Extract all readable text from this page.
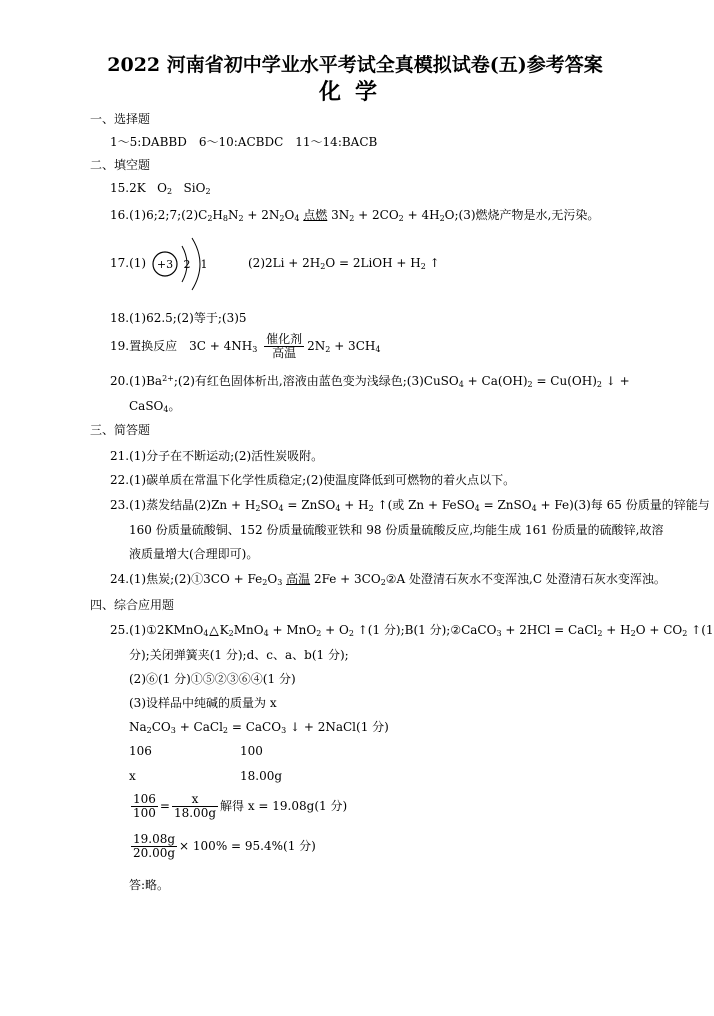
2022 河南省初中学业水平考试全真模拟试卷(五)参考答案
化学
一、选择题
1～5:DABBD　6～10:ACBDC　11～14:BACB
二、填空题
15.2K $O_2$ SiO$_2$
$16.(1)6;2;7;(2)C_2H_8N_2 + 2N_2O_4$ 点燃 $3N_2 + 2CO_2$ + $4H_2O;(3)$燃烧产物是水,无污染。
17.(1) +3 2 1	$(2)2Li + 2H_2O$ = 2LiOH + $H_2$ ↑
18.(1)62.5;(2)等于;(3)5
19.置换反应　$3C + 4NH_3$
催化剂
高温 $2N_2 + 3CH_4$
$20.(1)Ba^{2+};(2)$有红色固体析出,溶液由蓝色变为浅绿色;(3)CuSO$_4$ + $Ca(OH)_2 = Cu(OH)_2$ ↓ +
CaSO$_4$。
三、简答题
21.(1)分子在不断运动;(2)活性炭吸附。
22.(1)碳单质在常温下化学性质稳定;(2)使温度降低到可燃物的着火点以下。
23.(1)蒸发结晶$(2)Zn + H_2SO_4$ = ZnSO$_4$ + $H_2$ ↑(或 Zn + FeSO$_4$ = ZnSO$_4$ + Fe)(3)每 65 份质量的锌能与
160 份质量硫酸铜、152 份质量硫酸亚铁和 98 份质量硫酸反应,均能生成 161 份质量的硫酸锌,故溶
液质量增大(合理即可)。
24.(1)焦炭;(2)①3CO + $Fe_2O_3$ 高温 $2Fe + 3CO_2②A$ 处澄清石灰水不变浑浊,C 处澄清石灰水变浑浊。
四、综合应用题
$25.(1)①2KMnO_4\triangle K_2MnO_4 + MnO_2 + O_2$ ↑(1 分);B(1 分);②CaCO$_3$ + 2HCl = CaCl$_2$ + $H_2O + CO_2$ ↑(1
分);关闭弹簧夹(1 分);d、c、a、b(1 分);
(2)⑥(1 分)①⑤②③⑥④(1 分)
(3)设样品中纯碱的质量为 x
$Na_2CO_3$ + CaCl$_2$ = CaCO$_3$ ↓ + 2NaCl(1 分)
106	100
x	18.00g
$\frac{106}{100} = \frac{x}{18.00g}$ 解得 x = 19.08g(1 分)
$\frac{19.08g}{20.00g} \times 100\% = 95.4\%(1$ 分)
答:略。
